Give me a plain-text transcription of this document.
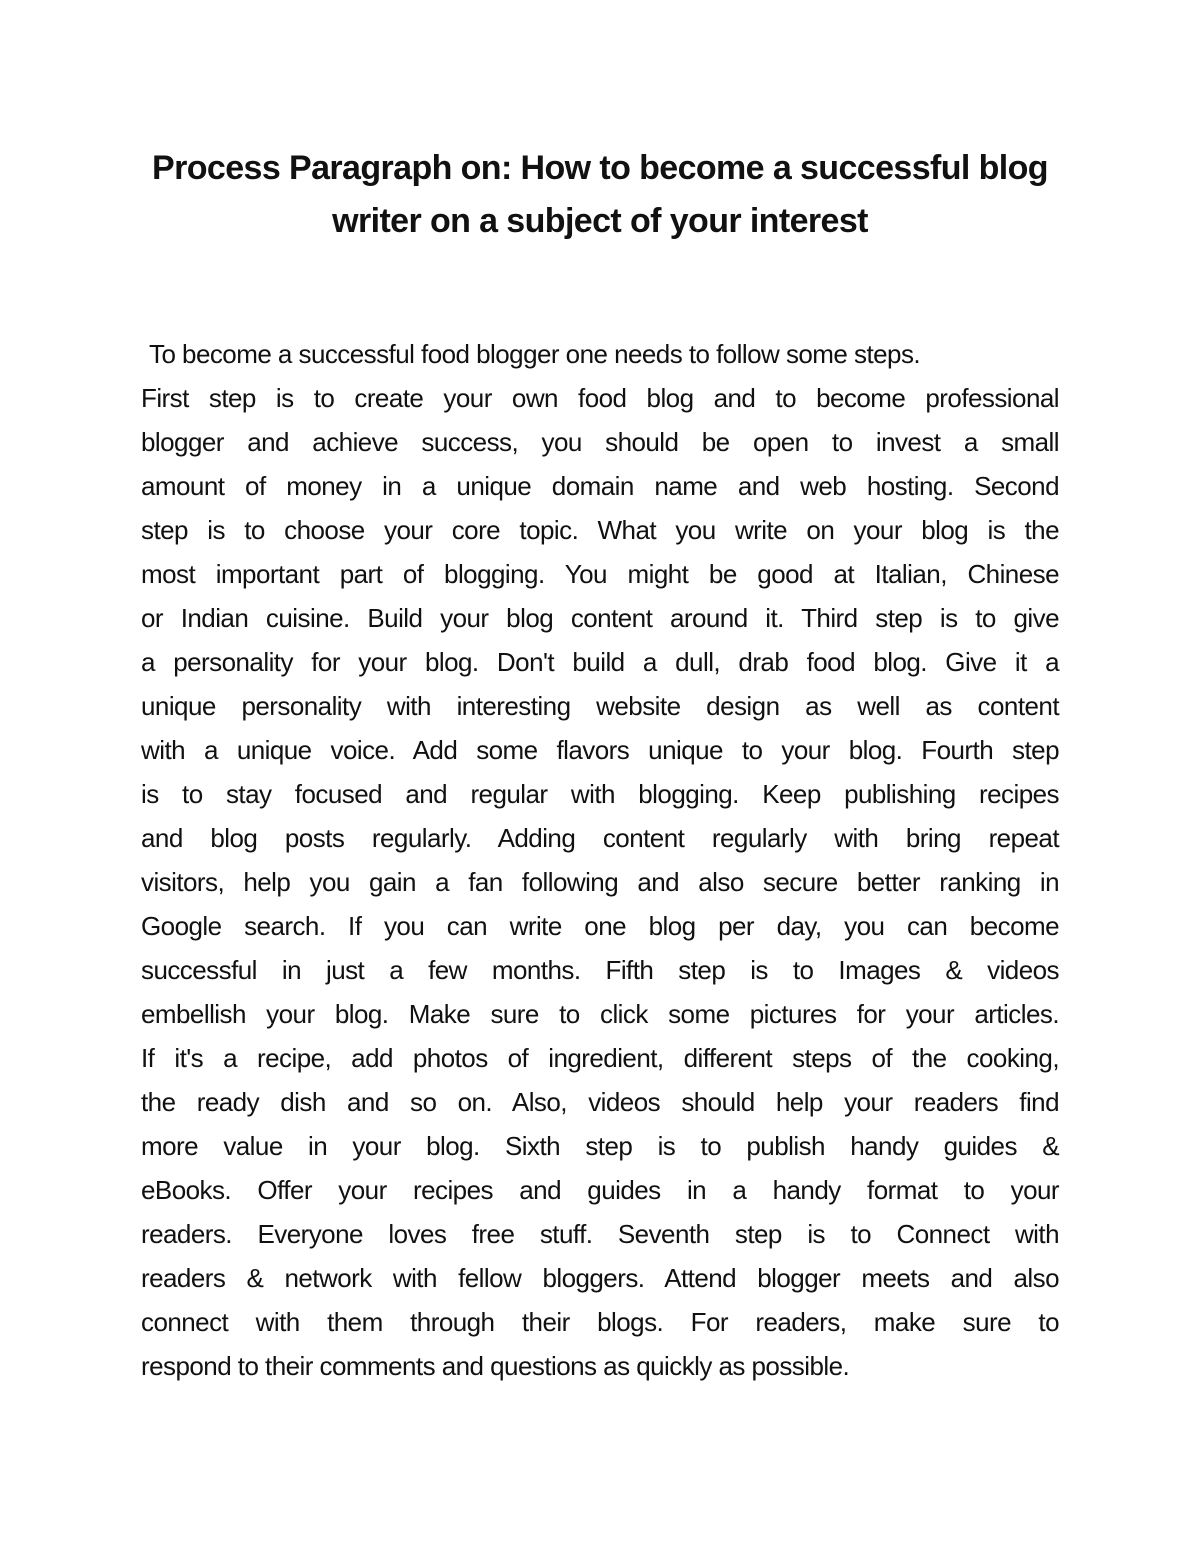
Process Paragraph on: How to become a successful blog
writer on a subject of your interest
To become a successful food blogger one needs to follow some steps.
First step is to create your own food blog and to become professional
blogger and achieve success, you should be open to invest a small
amount of money in a unique domain name and web hosting. Second
step is to choose your core topic. What you write on your blog is the
most important part of blogging. You might be good at Italian, Chinese
or Indian cuisine. Build your blog content around it. Third step is to give
a personality for your blog. Don't build a dull, drab food blog. Give it a
unique personality with interesting website design as well as content
with a unique voice. Add some flavors unique to your blog. Fourth step
is to stay focused and regular with blogging. Keep publishing recipes
and blog posts regularly. Adding content regularly with bring repeat
visitors, help you gain a fan following and also secure better ranking in
Google search. If you can write one blog per day, you can become
successful in just a few months. Fifth step is to Images & videos
embellish your blog. Make sure to click some pictures for your articles.
If it's a recipe, add photos of ingredient, different steps of the cooking,
the ready dish and so on. Also, videos should help your readers find
more value in your blog. Sixth step is to publish handy guides &
eBooks. Offer your recipes and guides in a handy format to your
readers. Everyone loves free stuff. Seventh step is to Connect with
readers & network with fellow bloggers. Attend blogger meets and also
connect with them through their blogs. For readers, make sure to
respond to their comments and questions as quickly as possible.
